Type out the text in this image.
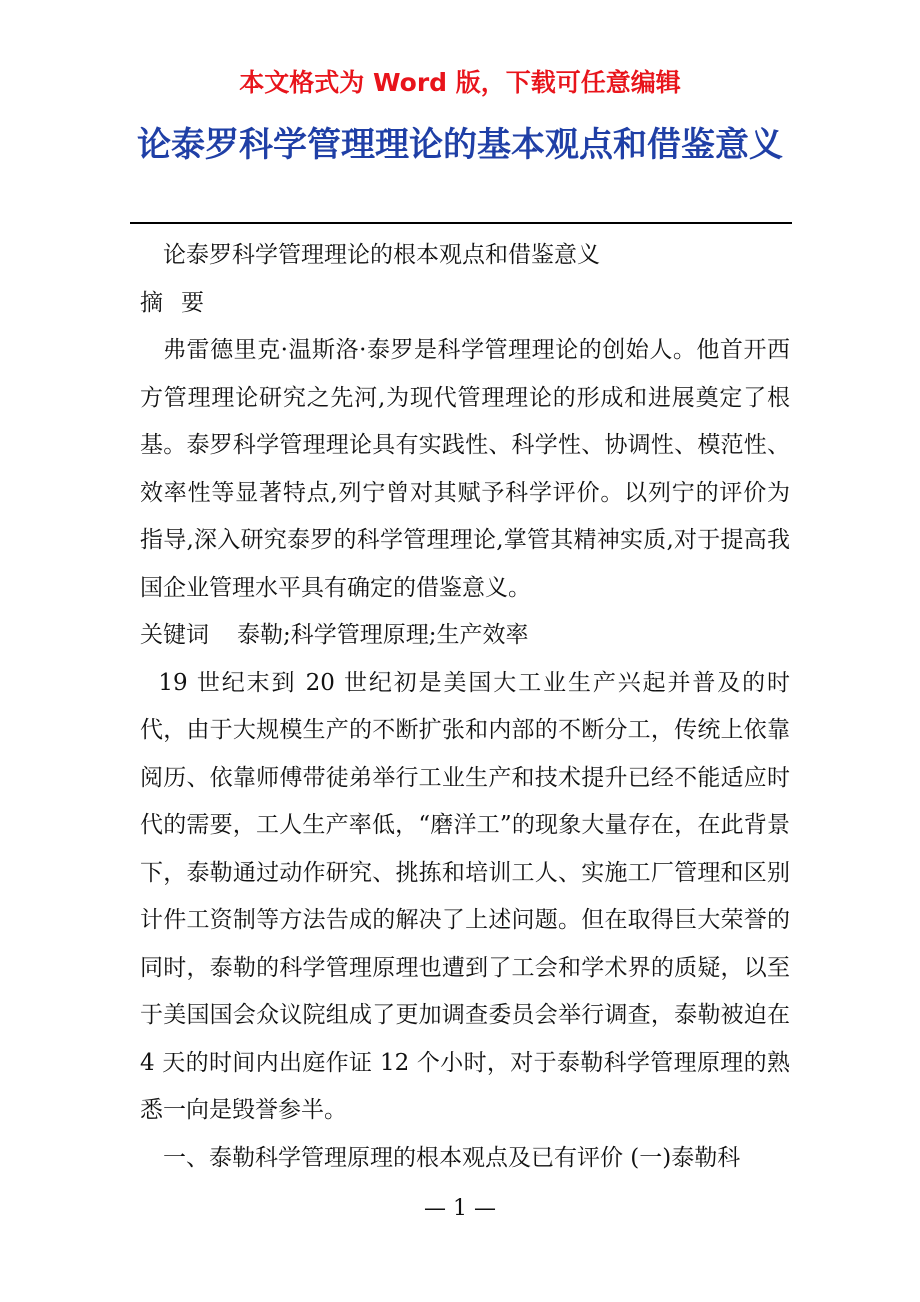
本文格式为 Word 版，下载可任意编辑
论泰罗科学管理理论的基本观点和借鉴意义

论泰罗科学管理理论的根本观点和借鉴意义

摘要

弗雷德里克·温斯洛·泰罗是科学管理理论的创始人。他首开西方管理理论研究之先河,为现代管理理论的形成和进展奠定了根基。泰罗科学管理理论具有实践性、科学性、协调性、模范性、效率性等显著特点,列宁曾对其赋予科学评价。以列宁的评价为指导,深入研究泰罗的科学管理理论,掌管其精神实质,对于提高我国企业管理水平具有确定的借鉴意义。

关键词 泰勒;科学管理原理;生产效率

19 世纪末到 20 世纪初是美国大工业生产兴起并普及的时代，由于大规模生产的不断扩张和内部的不断分工，传统上依靠阅历、依靠师傅带徒弟举行工业生产和技术提升已经不能适应时代的需要，工人生产率低，“磨洋工”的现象大量存在，在此背景下，泰勒通过动作研究、挑拣和培训工人、实施工厂管理和区别计件工资制等方法告成的解决了上述问题。但在取得巨大荣誉的同时，泰勒的科学管理原理也遭到了工会和学术界的质疑，以至于美国国会众议院组成了更加调查委员会举行调查，泰勒被迫在 4 天的时间内出庭作证 12 个小时，对于泰勒科学管理原理的熟悉一向是毁誉参半。

一、泰勒科学管理原理的根本观点及已有评价 (一)泰勒科

— 1 —
